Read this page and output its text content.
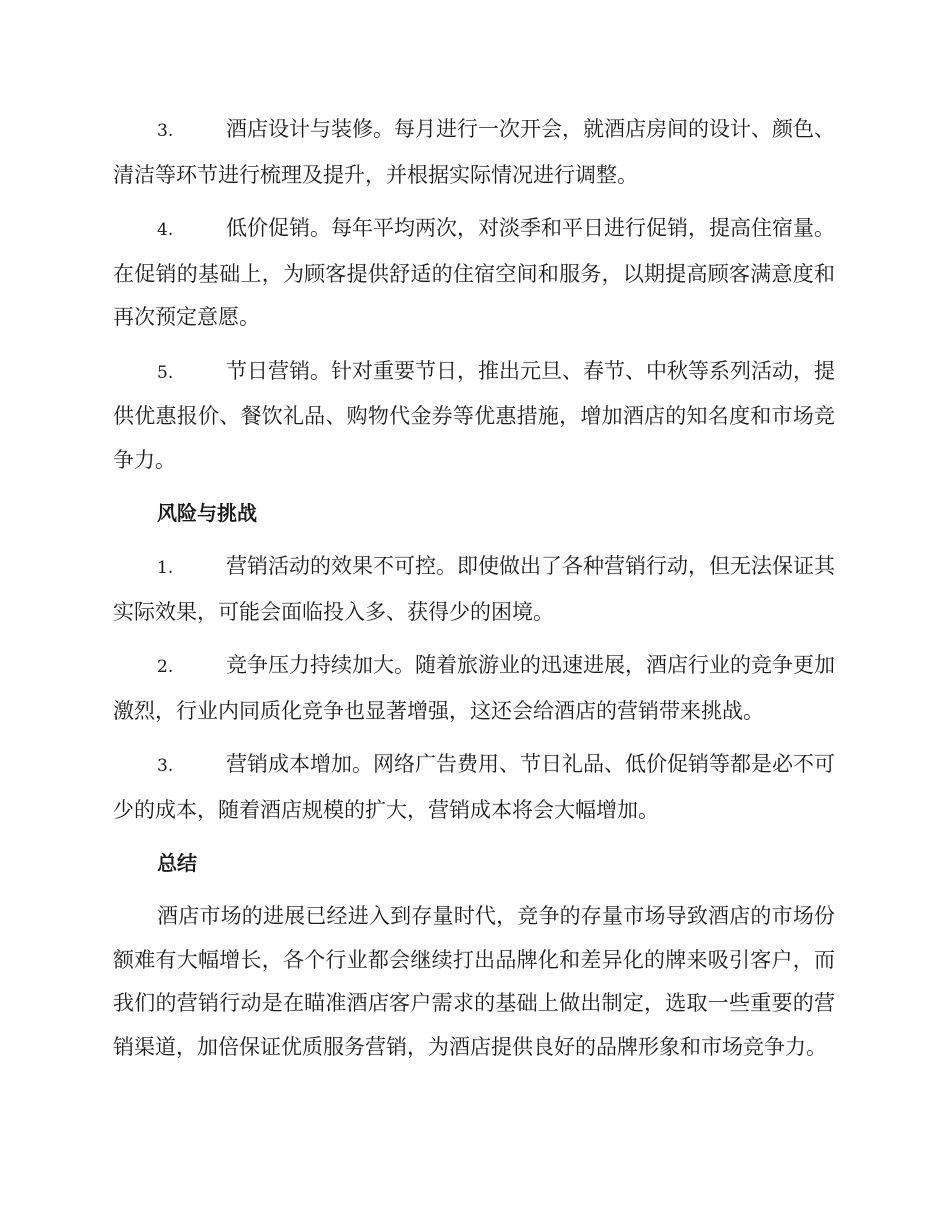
3.	酒店设计与装修。每月进行一次开会，就酒店房间的设计、颜色、清洁等环节进行梳理及提升，并根据实际情况进行调整。

4.	低价促销。每年平均两次，对淡季和平日进行促销，提高住宿量。在促销的基础上，为顾客提供舒适的住宿空间和服务，以期提高顾客满意度和再次预定意愿。

5.	节日营销。针对重要节日，推出元旦、春节、中秋等系列活动，提供优惠报价、餐饮礼品、购物代金券等优惠措施，增加酒店的知名度和市场竞争力。

风险与挑战

1.	营销活动的效果不可控。即使做出了各种营销行动，但无法保证其实际效果，可能会面临投入多、获得少的困境。

2.	竞争压力持续加大。随着旅游业的迅速进展，酒店行业的竞争更加激烈，行业内同质化竞争也显著增强，这还会给酒店的营销带来挑战。

3.	营销成本增加。网络广告费用、节日礼品、低价促销等都是必不可少的成本，随着酒店规模的扩大，营销成本将会大幅增加。

总结

酒店市场的进展已经进入到存量时代，竞争的存量市场导致酒店的市场份额难有大幅增长，各个行业都会继续打出品牌化和差异化的牌来吸引客户，而我们的营销行动是在瞄准酒店客户需求的基础上做出制定，选取一些重要的营销渠道，加倍保证优质服务营销，为酒店提供良好的品牌形象和市场竞争力。
